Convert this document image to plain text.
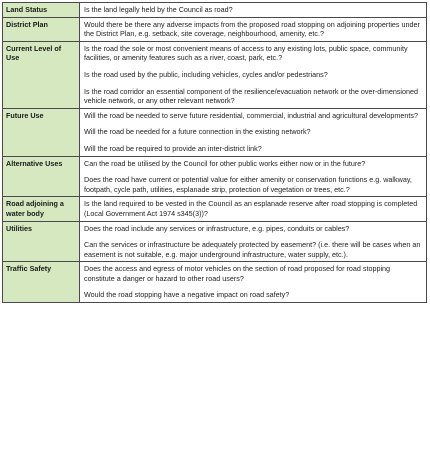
Land Status	Is the land legally held by the Council as road?

District Plan	Would there be there any adverse impacts from the proposed road stopping on adjoining properties under the District Plan, e.g. setback, site coverage, neighbourhood, amenity, etc.?

Current Level of Use	Is the road the sole or most convenient means of access to any existing lots, public space, community facilities, or amenity features such as a river, coast, park, etc.?

Is the road used by the public, including vehicles, cycles and/or pedestrians?

Is the road corridor an essential component of the resilience/evacuation network or the over-dimensioned vehicle network, or any other relevant network?

Future Use	Will the road be needed to serve future residential, commercial, industrial and agricultural developments?

Will the road be needed for a future connection in the existing network?

Will the road be required to provide an inter-district link?

Alternative Uses	Can the road be utilised by the Council for other public works either now or in the future?

Does the road have current or potential value for either amenity or conservation functions e.g. walkway, footpath, cycle path, utilities, esplanade strip, protection of vegetation or trees, etc.?

Road adjoining a water body	Is the land required to be vested in the Council as an esplanade reserve after road stopping is completed (Local Government Act 1974 s345(3))?

Utilities	Does the road include any services or infrastructure, e.g. pipes, conduits or cables?

Can the services or infrastructure be adequately protected by easement? (i.e. there will be cases when an easement is not suitable, e.g. major underground infrastructure, water supply, etc.).

Traffic Safety	Does the access and egress of motor vehicles on the section of road proposed for road stopping constitute a danger or hazard to other road users?

Would the road stopping have a negative impact on road safety?
